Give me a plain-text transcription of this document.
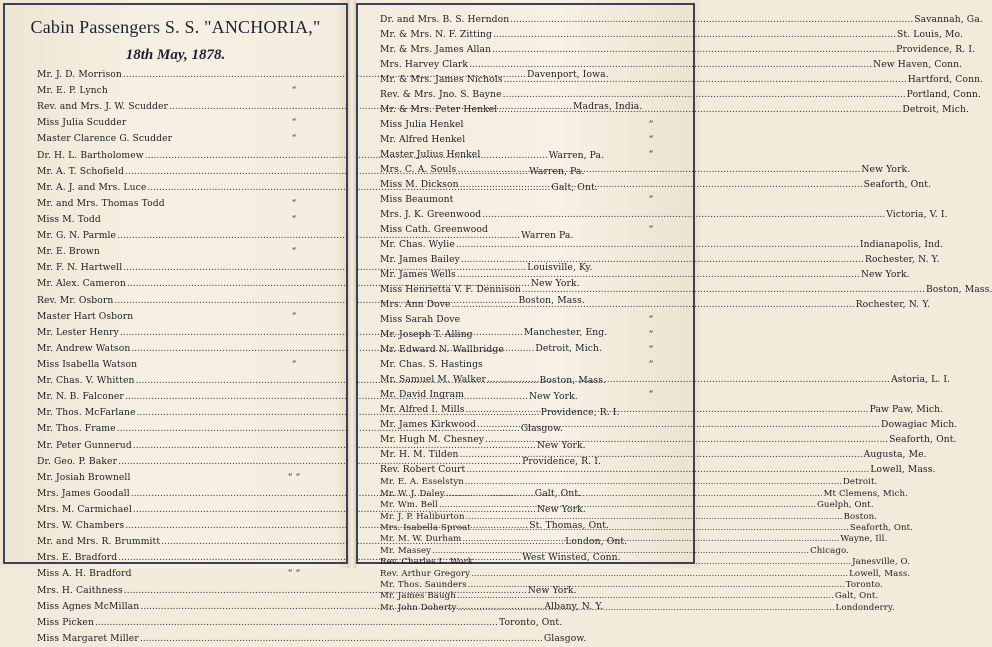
Cabin Passengers S. S. "ANCHORIA,"
18th May, 1878.
Mr. J. D. Morrison .....	Davenport, Iowa.
Mr. E. P. Lynch	“
Rev. and Mrs. J. W. Scudder .....	Madras, India.
Miss Julia Scudder	“
Master Clarence G. Scudder	“
Dr. H. L. Bartholomew .....	Warren, Pa.
Mr. A. T. Schofield .....	Warren, Pa.
Mr. A. J. and Mrs. Luce .....	Galt, Ont.
Mr. and Mrs. Thomas Todd	“
Miss M. Todd	“
Mr. G. N. Parmle .....	Warren Pa.
Mr. E. Brown	“
Mr. F. N. Hartwell .....	Louisville, Ky.
Mr. Alex. Cameron .....	New York.
Rev. Mr. Osborn .....	Boston, Mass.
Master Hart Osborn	“
Mr. Lester Henry .....	Manchester, Eng.
Mr. Andrew Watson .....	Detroit, Mich.
Miss Isabella Watson	“
Mr. Chas. V. Whitten .....	Boston, Mass.
Mr. N. B. Falconer .....	New York.
Mr. Thos. McFarlane .....	Providence, R. I.
Mr. Thos. Frame .....	Glasgow.
Mr. Peter Gunnerud .....	New York.
Dr. Geo. P. Baker .....	Providence, R. I.
Mr. Josiah Brownell	“ “
Mrs. James Goodall .....	Galt, Ont.
Mrs. M. Carmichael .....	New York.
Mrs. W. Chambers .....	St. Thomas, Ont.
Mr. and Mrs. R. Brummitt .....	London, Ont.
Mrs. E. Bradford .....	West Winsted, Conn.
Miss A. H. Bradford	“ “
Mrs. H. Caithness .....	New York.
Miss Agnes McMillan .....	Albany, N. Y.
Miss Picken .....	Toronto, Ont.
Miss Margaret Miller .....	Glasgow.
Dr. and Mrs. B. S. Herndon .....	Savannah, Ga.
Mr. & Mrs. N. F. Zitting .....	St. Louis, Mo.
Mr. & Mrs. James Allan .....	Providence, R. I.
Mrs. Harvey Clark .....	New Haven, Conn.
Mr. & Mrs. James Nichols .....	Hartford, Conn.
Rev. & Mrs. Jno. S. Bayne .....	Portland, Conn.
Mr. & Mrs. Peter Henkel .....	Detroit, Mich.
Miss Julia Henkel	“
Mr. Alfred Henkel	“
Master Julius Henkel	“
Mrs. C. A. Souls .....	New York.
Miss M. Dickson .....	Seaforth, Ont.
Miss Beaumont	“
Mrs. J. K. Greenwood .....	Victoria, V. I.
Miss Cath. Greenwood	“
Mr. Chas. Wylie .....	Indianapolis, Ind.
Mr. James Bailey .....	Rochester, N. Y.
Mr. James Wells .....	New York.
Miss Henrietta V. F. Dennison .....	Boston, Mass.
Mrs. Ann Dove .....	Rochester, N. Y.
Miss Sarah Dove	“
Mr. Joseph T. Alling	“
Mr. Edward N. Wallbridge	“
Mr. Chas. S. Hastings	“
Mr. Samuel M. Walker .....	Astoria, L. I.
Mr. David Ingram	“
Mr. Alfred I. Mills .....	Paw Paw, Mich.
Mr. James Kirkwood .....	Dowagiac Mich.
Mr. Hugh M. Chesney .....	Seaforth, Ont.
Mr. H. M. Tilden .....	Augusta, Me.
Rev. Robert Court .....	Lowell, Mass.
Mr. E. A. Esselstyn .....	Detroit.
Mr. W. J. Daley .....	Mt Clemens, Mich.
Mr. Wm. Bell .....	Guelph, Ont.
Mr. J. P. Haliburton .....	Boston.
Mrs. Isabella Sproat .....	Seaforth, Ont.
Mr. M. W. Durham .....	Wayne, Ill.
Mr. Massey .....	Chicago.
Rev. Charles L. Work .....	Janesville, O.
Rev. Arthur Gregory .....	Lowell, Mass.
Mr. Thos. Saunders .....	Toronto.
Mr. James Baugh .....	Galt, Ont.
Mr. John Doherty .....	Londonderry.
